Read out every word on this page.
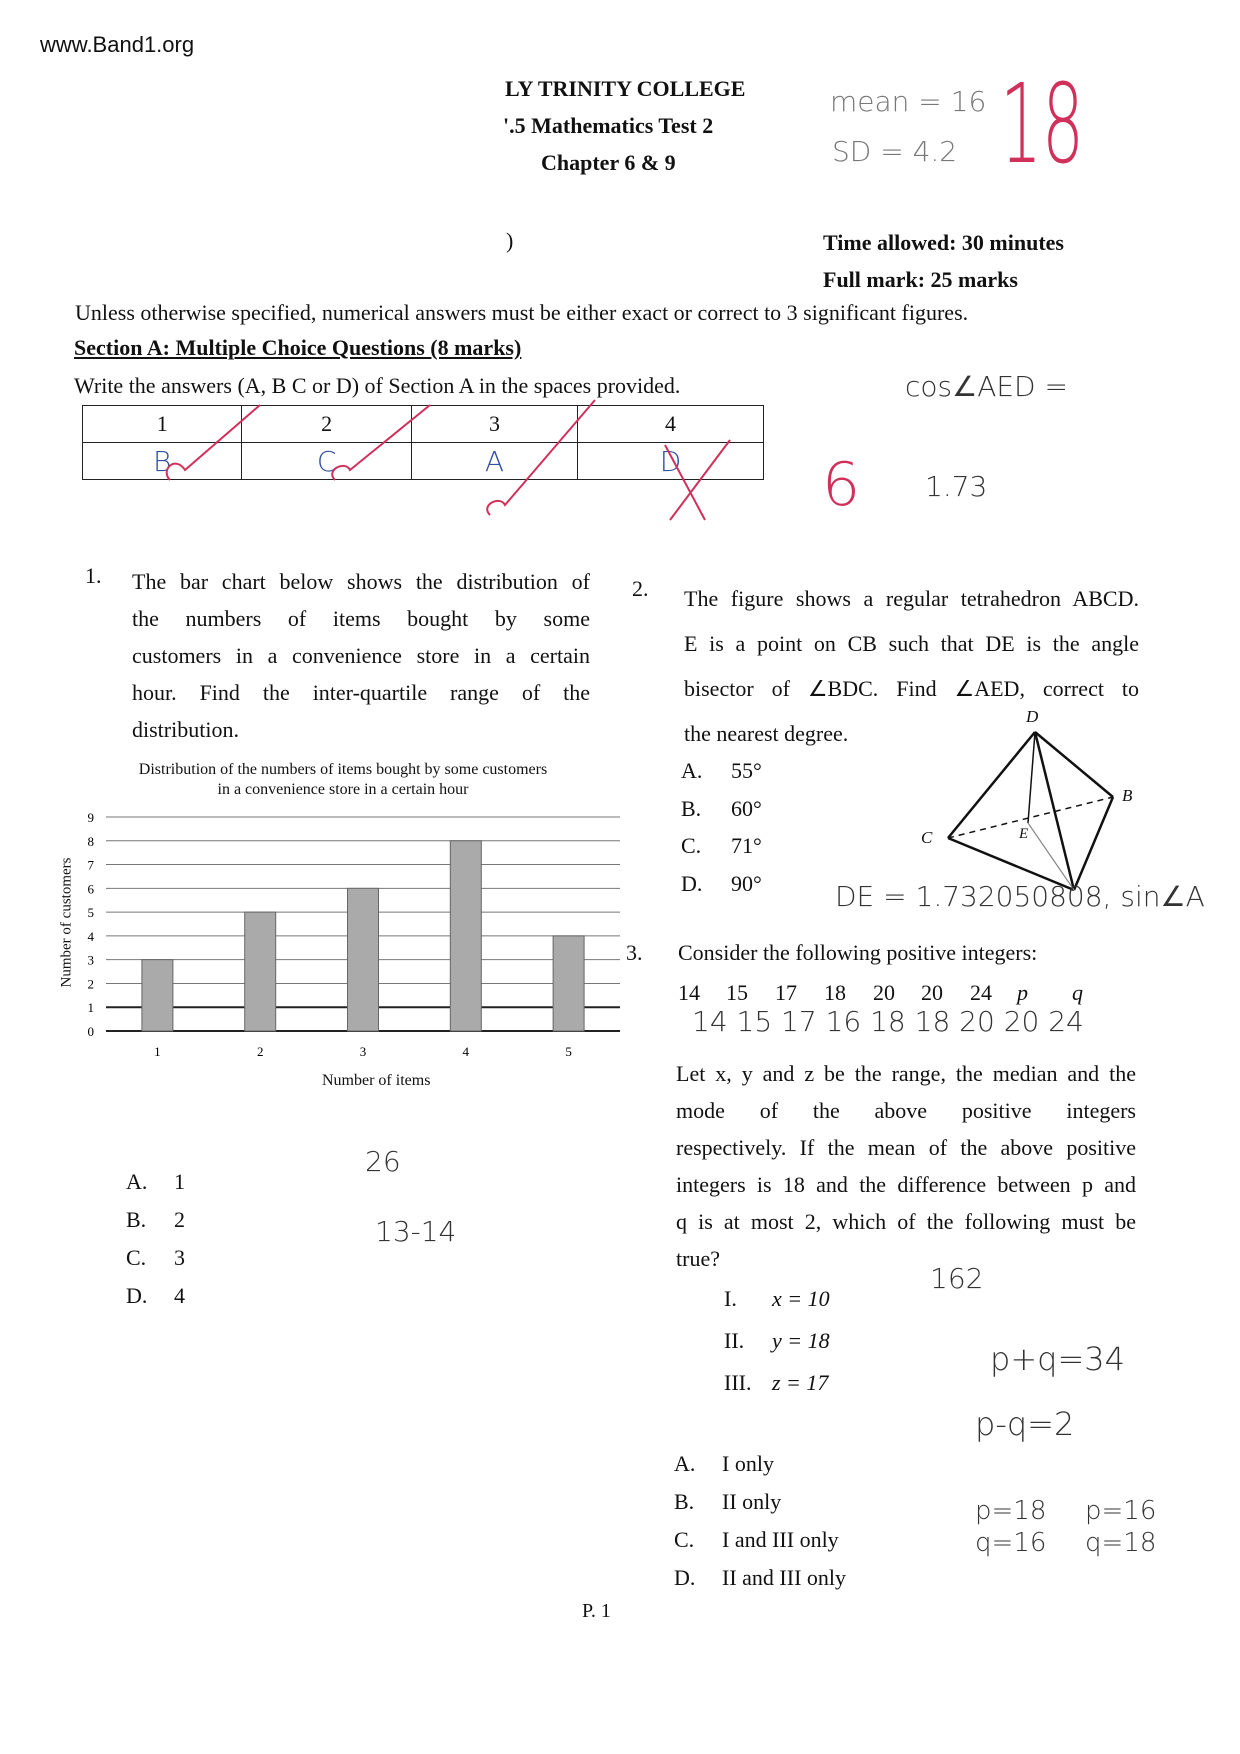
www.Band1.org
LY TRINITY COLLEGE
'.5 Mathematics Test 2
Chapter 6 & 9
)	Time allowed: 30 minutes
Full mark: 25 marks
Unless otherwise specified, numerical answers must be either exact or correct to 3 significant figures.
Section A: Multiple Choice Questions (8 marks)
Write the answers (A, B C or D) of Section A in the spaces provided.
1	2	3	4
B	C	A	D
1. The bar chart below shows the distribution of
the numbers of items bought by some
customers in a convenience store in a certain
hour. Find the inter-quartile range of the
distribution.
Distribution of the numbers of items bought by some customers
in a convenience store in a certain hour
1	2	3	4	5
0
1
2
3
4
5
6
7
8
9
Number of items
Number of customers
A. 1
B. 2
C. 3
D. 4
2. The figure shows a regular tetrahedron ABCD.
E is a point on CB such that DE is the angle
bisector of ∠BDC. Find ∠AED, correct to
the nearest degree.
A. 55°
B. 60°
C. 71°
D. 90°
D
B
C	E
3. Consider the following positive integers:
14	15	17	18	20	20	24	p	q
Let x, y and z be the range, the median and the
mode of the above positive integers
respectively. If the mean of the above positive
integers is 18 and the difference between p and
q is at most 2, which of the following must be
true?
I. x = 10
II. y = 18
III. z = 17
A. I only
B. II only
C. I and III only
D. II and III only
P. 1
18
mean = 16
SD = 4.2
cos∠AED =
6 1.73
DE = 1.732050808, sin∠A
14 15 17 16 18 18 20 20 24
26
13-14
162
p+q=34
p-q=2
p=18 q=16
p=16 q=18
